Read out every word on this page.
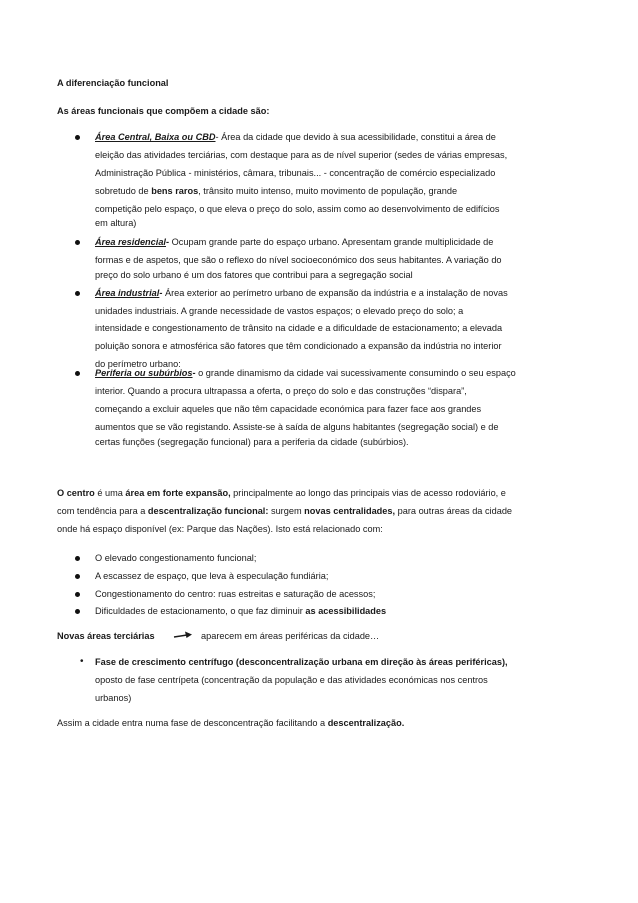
A diferenciação funcional
As áreas funcionais que compõem a cidade são:
Área Central, Baixa ou CBD- Área da cidade que devido à sua acessibilidade, constitui a área de
eleição das atividades terciárias, com destaque para as de nível superior (sedes de várias empresas,
Administração Pública - ministérios, câmara, tribunais... - concentração de comércio especializado
sobretudo de bens raros, trânsito muito intenso, muito movimento de população, grande
competição pelo espaço, o que eleva o preço do solo, assim como ao desenvolvimento de edifícios
em altura)
Área residencial- Ocupam grande parte do espaço urbano. Apresentam grande multiplicidade de
formas e de aspetos, que são o reflexo do nível socioeconómico dos seus habitantes. A variação do
preço do solo urbano é um dos fatores que contribui para a segregação social
Área industrial- Área exterior ao perímetro urbano de expansão da indústria e a instalação de novas
unidades industriais. A grande necessidade de vastos espaços; o elevado preço do solo; a
intensidade e congestionamento de trânsito na cidade e a dificuldade de estacionamento; a elevada
poluição sonora e atmosférica são fatores que têm condicionado a expansão da indústria no interior
do perímetro urbano:
Periferia ou subúrbios- o grande dinamismo da cidade vai sucessivamente consumindo o seu espaço
interior. Quando a procura ultrapassa a oferta, o preço do solo e das construções “dispara”,
começando a excluir aqueles que não têm capacidade económica para fazer face aos grandes
aumentos que se vão registando. Assiste-se à saída de alguns habitantes (segregação social) e de
certas funções (segregação funcional) para a periferia da cidade (subúrbios).
O centro é uma área em forte expansão, principalmente ao longo das principais vias de acesso rodoviário, e
com tendência para a descentralização funcional: surgem novas centralidades, para outras áreas da cidade
onde há espaço disponível (ex: Parque das Nações). Isto está relacionado com:
O elevado congestionamento funcional;
A escassez de espaço, que leva à especulação fundiária;
Congestionamento do centro: ruas estreitas e saturação de acessos;
Dificuldades de estacionamento, o que faz diminuir as acessibilidades
Novas áreas terciárias	aparecem em áreas periféricas da cidade…
• Fase de crescimento centrífugo (desconcentralização urbana em direção às áreas periféricas),
oposto de fase centrípeta (concentração da população e das atividades económicas nos centros
urbanos)
Assim a cidade entra numa fase de desconcentração facilitando a descentralização.
